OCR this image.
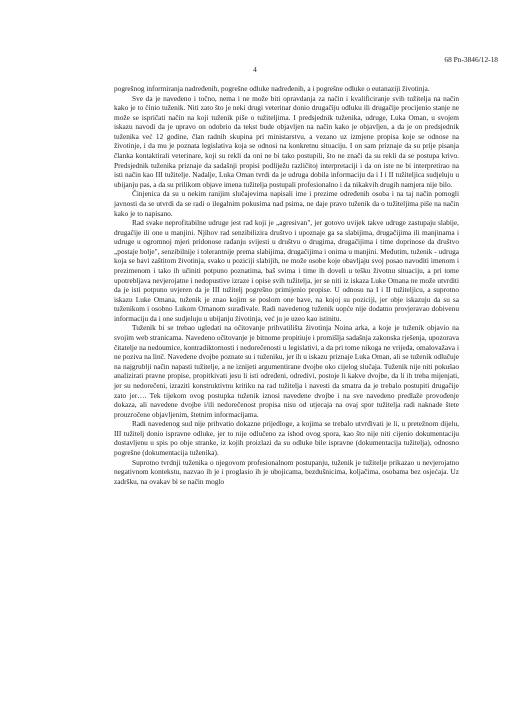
68 Pn-3846/12-18
4

pogrešnog informiranja nadređenih, pogrešne odluke nadređenih, a i pogrešne odluke o eutanaziji životinja.

Sve da je navedeno i točno, nema i ne može biti opravdanja za način i kvalificiranje svih tužitelja na način kako je to činio tuženik. Niti zato što je neki drugi veterinar donio drugačiju odluku ili drugačije procijenio stanje ne može se ispričati način na koji tuženik piše o tužiteljima. I predsjednik tuženika, udruge, Luka Oman, u svojem iskazu navodi da je upravo on odobrio da tekst bude objavljen na način kako je objavljen, a da je on predsjednik tuženika već 12 godine, član radnih skupina pri ministarstvu, a vezano uz izmjene propisa koje se odnose na životinje, i da mu je poznata legislativa koja se odnosi na konkretnu situaciju. I on sam priznaje da su prije pisanja članka kontaktirali veterinare, koji su rekli da oni ne bi tako postupili, što ne znači da su rekli da se postupa krivo. Predsjednik tuženika priznaje da sadašnji propisi podliježu različitoj interpretaciji i da on iste ne bi interpretirao na isti način kao III tužitelje. Nadalje, Luka Oman tvrdi da je udruga dobila informaciju da i I i II tužiteljica sudjeluju u ubijanju pas, a da su prilikom objave imena tužitelja postupali profesionalno i da nikakvih drugih namjera nije bilo.

Činjenica da su u nekim ranijim slučajevima napisali ime i prezime određenih osoba i na taj način pomogli javnosti da se utvrdi da se radi o ilegalnim pokusima nad psima, ne daje pravo tuženik da o tužiteljima piše na način kako je to napisano.

Rad svake neprofitabilne udruge jest rad koji je „agresivan", jer gotovo uvijek takve udruge zastupaju slabije, drugačije ili one u manjini. Njihov rad senzibilizira društvo i upoznaje ga sa slabijima, drugačijima ili manjinama i udruge u ogromnoj mjeri pridonose rađanju svijesti u društvu o drugima, drugačijima i time doprinose da društvo „postaje bolje", senzibilnije i tolerantnije prema slabijima, drugačijima i onima u manjini. Međutim, tuženik - udruga koja se bavi zaštitom životinja, svako u poziciji slabijih, ne može osobe koje obavljaju svoj posao navoditi imenom i prezimenom i tako ih učiniti potpuno poznatima, baš svima i time ih doveli u tešku životnu situaciju, a pri tome upotrebljava nevjerojatne i nedopustive izraze i opise svih tužitelja, jer se niti iz iskaza Luke Omana ne može utvrditi da je isti potpuno uvjeren da je III tužitelj pogrešno primijenio propise. U odnosu na I i II tužiteljicu, a suprotno iskazu Luke Omana, tuženik je znao kojim se poslom one bave, na kojoj su poziciji, jer obje iskazuju da su sa tuženikom i osobno Lukom Omanom surađivale. Radi navedenog tuženik uopće nije dodatno provjeravao dobivenu informaciju da i one sudjeluju u ubijanju životinja, već ju je uzeo kao istinitu.

Tuženik bi se trebao ugledati na očitovanje prihvatilišta životinja Noina arka, a koje je tuženik objavio na svojim web stranicama. Navedeno očitovanje je bitnome propitiuje i promišlja sadašnja zakonska rješenja, upozorava čitatelje na nedoumice, kontradiktornosti i nedorečenosti u legislativi, a da pri tome nikoga ne vrijeđa, omalovažava i ne poziva na linč. Navedene dvojbe poznate su i tuženiku, jer ih u iskazu priznaje Luka Oman, ali se tuženik odlučuje na najgrublji način napasti tužitelje, a ne iznijeti argumentirane dvojbe oko cijelog slučaja. Tuženik nije niti pokušao analizirati pravne propise, propitkivati jesu li isti određeni, odredivi, postoje li kakve dvojbe, da li ih treba mijenjati, jer su nedorečeni, izraziti konstruktivnu kritiku na rad tužitelja i navesti da smatra da je trebalo postupiti drugačije zato jer…. Tek tijekom ovog postupka tuženik iznosi navedene dvojbe i na sve navedeno predlaže provođenje dokaza, ali navedene dvojbe i/ili nedorečenost propisa nisu od utjecaja na ovaj spor tužitelja radi naknade štete prouzročene objavljenim, štetnim informacijama.

Radi navedenog sud nije prihvatio dokazne prijedloge, a kojima se trebalo utvrđivati je li, u pretežnom dijelu, III tužitelj donio ispravne odluke, jer to nije odlučeno za ishod ovog spora, kao što nije niti cijenio dokumentaciju dostavljenu u spis po obje stranke, iz kojih proizlazi da su odluke bile ispravne (dokumentacija tužitelja), odnosno pogrešne (dokumentacija tuženika).

Suprotno tvrdnji tuženika o njegovom profesionalnom postupanju, tuženik je tužitelje prikazao u nevjerojatno negativnom kontekstu, nazvao ih je i proglasio ih je ubojicama, bezdušnicima, koljačima, osobama bez osjećaja. Uz zadršku, na ovakav bi se način moglo
